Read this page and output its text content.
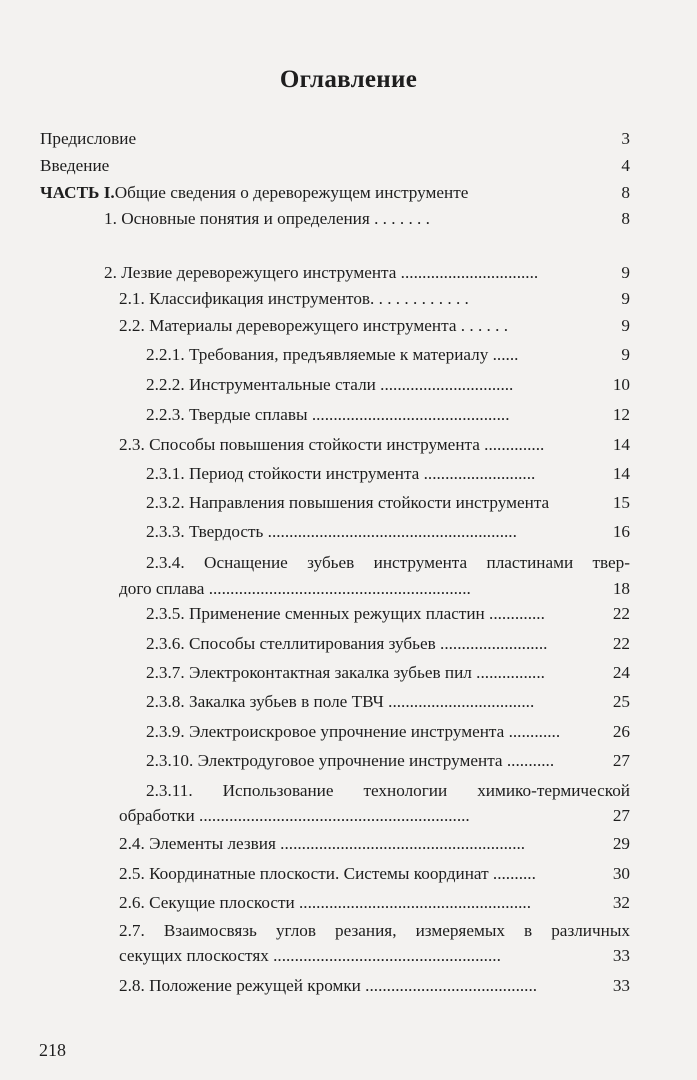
Оглавление
Предисловие	3
Введение	4
ЧАСТЬ I.Общие сведения о дереворежущем инструменте	8
1. Основные понятия и определения . . . . . . .	8
2. Лезвие дереворежущего инструмента ................................	9
2.1. Классификация инструментов. . . . . . . . . . . .	9
2.2. Материалы дереворежущего инструмента . . . . . .	9
2.2.1. Требования, предъявляемые к материалу ......	9
2.2.2. Инструментальные стали ...............................	10
2.2.3. Твердые сплавы ..............................................	12
2.3. Способы повышения стойкости инструмента ..............	14
2.3.1. Период стойкости инструмента ..........................	14
2.3.2. Направления повышения стойкости инструмента	15
2.3.3. Твердость ..........................................................	16
2.3.4. Оснащение зубьев инструмента пластинами твер-
дого сплава .............................................................	18
2.3.5. Применение сменных режущих пластин .............	22
2.3.6. Способы стеллитирования зубьев .........................	22
2.3.7. Электроконтактная закалка зубьев пил ................	24
2.3.8. Закалка зубьев в поле ТВЧ ..................................	25
2.3.9. Электроискровое упрочнение инструмента ............	26
2.3.10. Электродуговое упрочнение инструмента ...........	27
2.3.11. Использование технологии химико-термической
обработки ...............................................................	27
2.4. Элементы лезвия .........................................................	29
2.5. Координатные плоскости. Системы координат ..........	30
2.6. Секущие плоскости ......................................................	32
2.7. Взаимосвязь углов резания, измеряемых в различных
секущих плоскостях .....................................................	33
2.8. Положение режущей кромки ........................................	33
218
